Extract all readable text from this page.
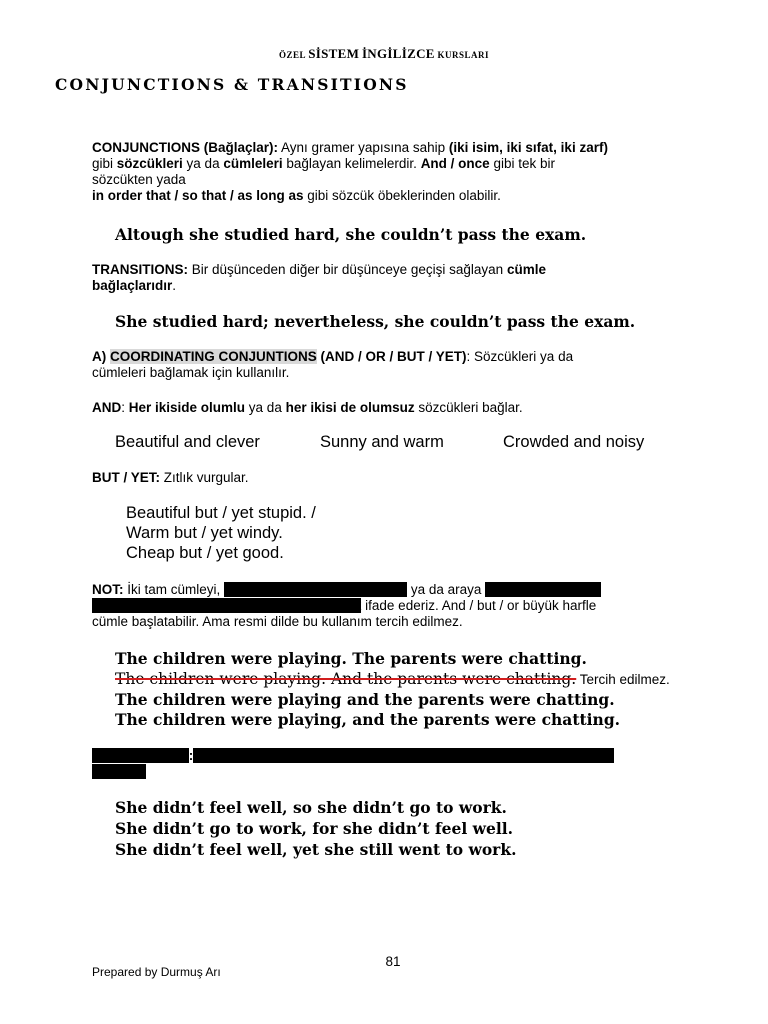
ÖZEL SİSTEM İNGİLİZCE KURSLARI
CONJUNCTIONS & TRANSITIONS
CONJUNCTIONS (Bağlaçlar): Aynı gramer yapısına sahip (iki isim, iki sıfat, iki zarf)
gibi sözcükleri ya da cümleleri bağlayan kelimelerdir. And / once gibi tek bir
sözcükten yada
in order that / so that / as long as gibi sözcük öbeklerinden olabilir.
Altough she studied hard, she couldn’t pass the exam.
TRANSITIONS: Bir düşünceden diğer bir düşünceye geçişi sağlayan cümle
bağlaçlarıdır.
She studied hard; nevertheless, she couldn’t pass the exam.
A) COORDINATING CONJUNTIONS (AND / OR / BUT / YET): Sözcükleri ya da
cümleleri bağlamak için kullanılır.
AND: Her ikiside olumlu ya da her ikisi de olumsuz sözcükleri bağlar.
Beautiful and clever	Sunny and warm	Crowded and noisy
BUT / YET: Zıtlık vurgular.
Beautiful but / yet stupid. /
Warm but / yet windy.
Cheap but / yet good.
NOT: İki tam cümleyi, ya birinci cümleyi noktalayarak ya da araya bir virgül koyduktan
sonra ikinci cümlenin başına bağlaç getirerek ifade ederiz. And / but / or büyük harfle
cümle başlatabilir. Ama resmi dilde bu kullanım tercih edilmez.
The children were playing. The parents were chatting.
The children were playing. And the parents were chatting. Tercih edilmez.
The children were playing and the parents were chatting.
The children were playing, and the parents were chatting.
YET / SO / FOR: Bağlaç olarak kullanıldığında kendilerinden önceki cümleden bir virgül
ile ayrılır.
She didn’t feel well, so she didn’t go to work.
She didn’t go to work, for she didn’t feel well.
She didn’t feel well, yet she still went to work.
81
Prepared by Durmuş Arı
